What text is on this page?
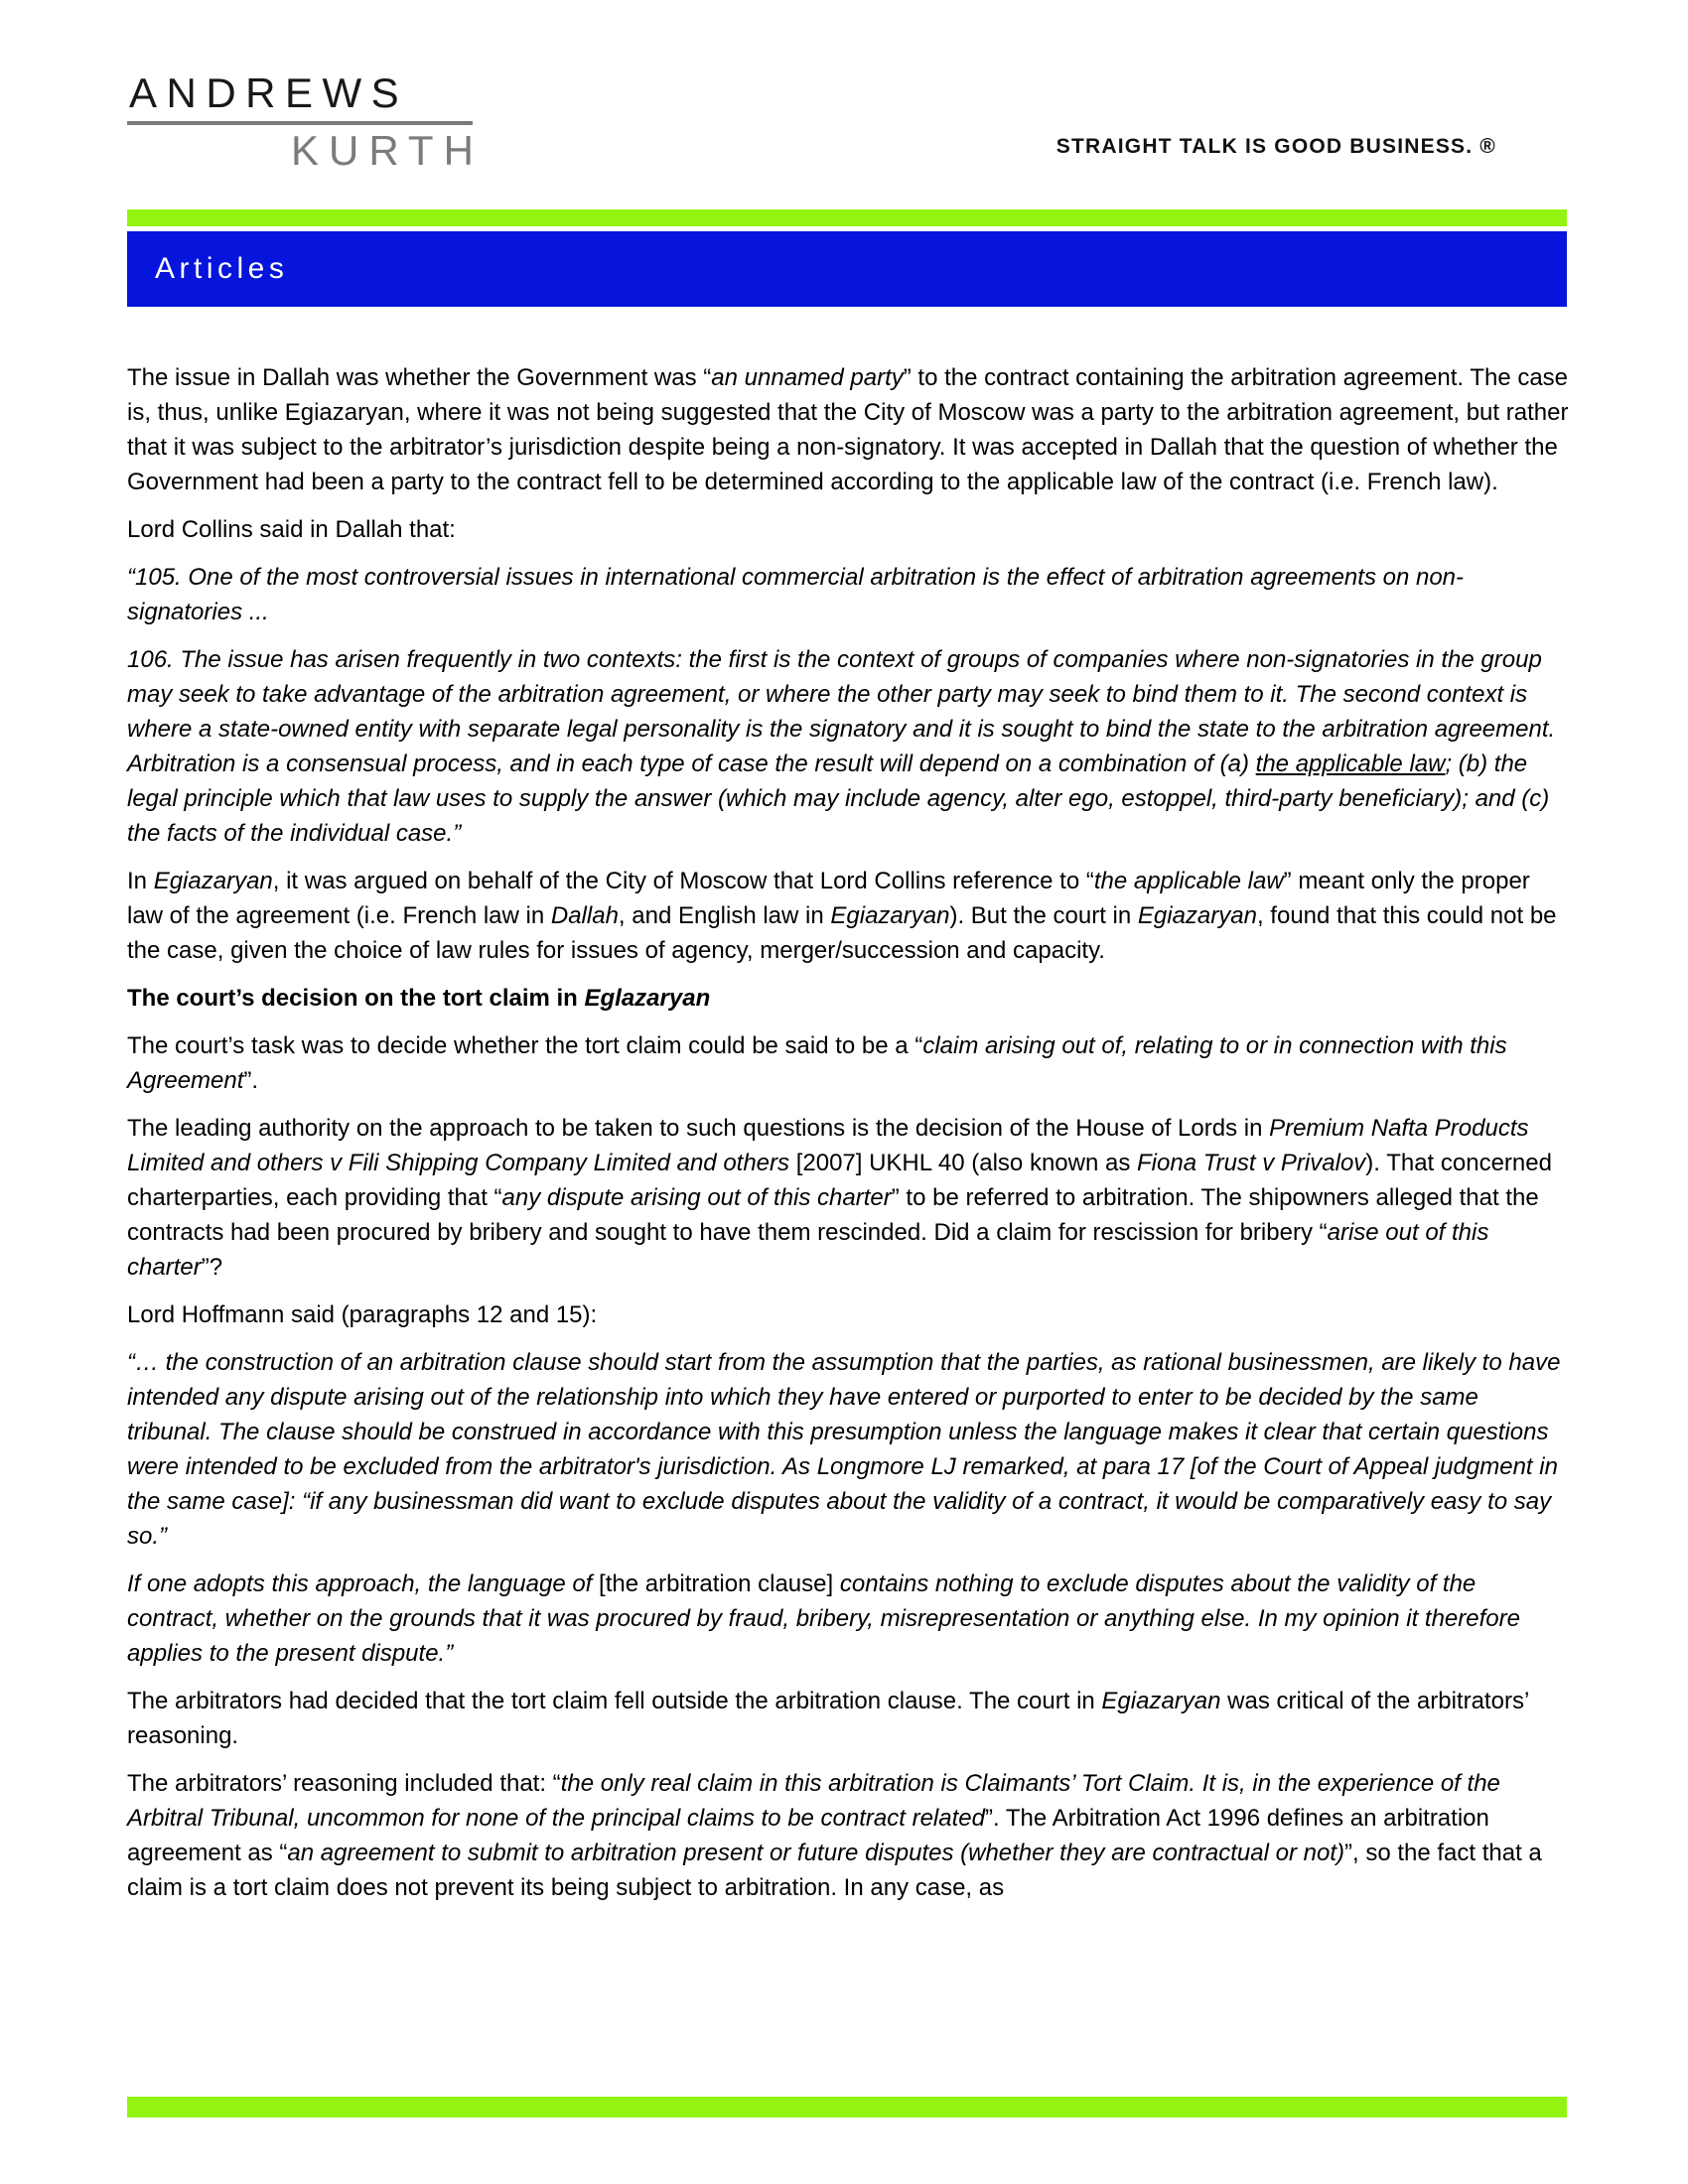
ANDREWS
KURTH	STRAIGHT TALK IS GOOD BUSINESS. ®
Articles

The issue in Dallah was whether the Government was “an unnamed party” to the contract containing the arbitration agreement. The case is, thus, unlike Egiazaryan, where it was not being suggested that the City of Moscow was a party to the arbitration agreement, but rather that it was subject to the arbitrator’s jurisdiction despite being a non-signatory. It was accepted in Dallah that the question of whether the Government had been a party to the contract fell to be determined according to the applicable law of the contract (i.e. French law).

Lord Collins said in Dallah that:

“105. One of the most controversial issues in international commercial arbitration is the effect of arbitration agreements on non-signatories ...

106. The issue has arisen frequently in two contexts: the first is the context of groups of companies where non-signatories in the group may seek to take advantage of the arbitration agreement, or where the other party may seek to bind them to it. The second context is where a state-owned entity with separate legal personality is the signatory and it is sought to bind the state to the arbitration agreement. Arbitration is a consensual process, and in each type of case the result will depend on a combination of (a) the applicable law; (b) the legal principle which that law uses to supply the answer (which may include agency, alter ego, estoppel, third-party beneficiary); and (c) the facts of the individual case.”

In Egiazaryan, it was argued on behalf of the City of Moscow that Lord Collins reference to “the applicable law” meant only the proper law of the agreement (i.e. French law in Dallah, and English law in Egiazaryan). But the court in Egiazaryan, found that this could not be the case, given the choice of law rules for issues of agency, merger/succession and capacity.

The court’s decision on the tort claim in Eglazaryan

The court’s task was to decide whether the tort claim could be said to be a “claim arising out of, relating to or in connection with this Agreement”.

The leading authority on the approach to be taken to such questions is the decision of the House of Lords in Premium Nafta Products Limited and others v Fili Shipping Company Limited and others [2007] UKHL 40 (also known as Fiona Trust v Privalov). That concerned charterparties, each providing that “any dispute arising out of this charter” to be referred to arbitration. The shipowners alleged that the contracts had been procured by bribery and sought to have them rescinded. Did a claim for rescission for bribery “arise out of this charter”?

Lord Hoffmann said (paragraphs 12 and 15):

“… the construction of an arbitration clause should start from the assumption that the parties, as rational businessmen, are likely to have intended any dispute arising out of the relationship into which they have entered or purported to enter to be decided by the same tribunal. The clause should be construed in accordance with this presumption unless the language makes it clear that certain questions were intended to be excluded from the arbitrator's jurisdiction. As Longmore LJ remarked, at para 17 [of the Court of Appeal judgment in the same case]: “if any businessman did want to exclude disputes about the validity of a contract, it would be comparatively easy to say so.”

If one adopts this approach, the language of [the arbitration clause] contains nothing to exclude disputes about the validity of the contract, whether on the grounds that it was procured by fraud, bribery, misrepresentation or anything else. In my opinion it therefore applies to the present dispute.”

The arbitrators had decided that the tort claim fell outside the arbitration clause. The court in Egiazaryan was critical of the arbitrators’ reasoning.

The arbitrators’ reasoning included that: “the only real claim in this arbitration is Claimants’ Tort Claim. It is, in the experience of the Arbitral Tribunal, uncommon for none of the principal claims to be contract related”. The Arbitration Act 1996 defines an arbitration agreement as “an agreement to submit to arbitration present or future disputes (whether they are contractual or not)”, so the fact that a claim is a tort claim does not prevent its being subject to arbitration. In any case, as
